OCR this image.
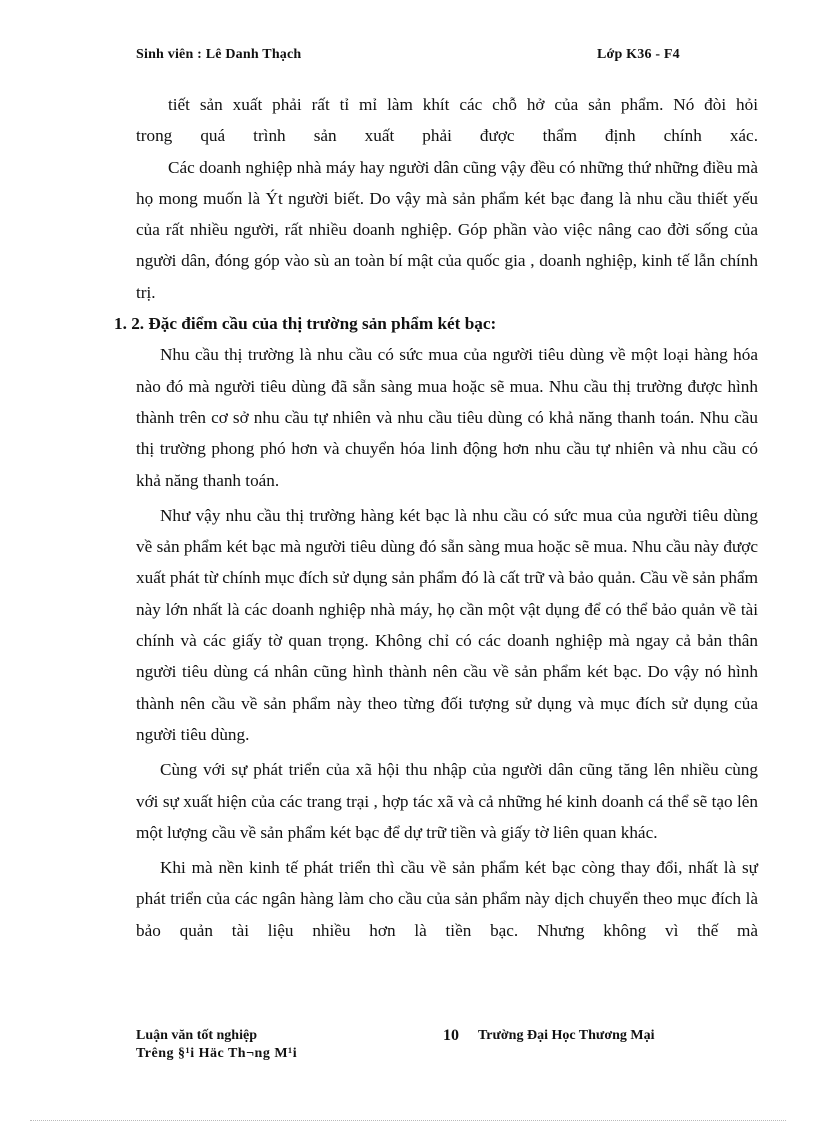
Sinh viên : Lê Danh Thạch	Lớp K36 - F4

tiết sản xuất phải rất tỉ mỉ làm khít các chỗ hở của sản phẩm. Nó đòi hỏi

trong quá trình sản xuất phải được thẩm định chính xác.

Các doanh nghiệp nhà máy hay người dân cũng vậy đều có những thứ những điều mà họ mong muốn là Ýt người biết. Do vậy mà sản phẩm két bạc đang là nhu cầu thiết yếu của rất nhiều người, rất nhiều doanh nghiệp. Góp phần vào việc nâng cao đời sống của người dân, đóng góp vào sù an toàn bí mật của quốc gia , doanh nghiệp, kinh tế lẫn chính trị.

1. 2. Đặc điểm cầu của thị trường sản phẩm két bạc:

Nhu cầu thị trường là nhu cầu có sức mua của người tiêu dùng về một loại hàng hóa nào đó mà người tiêu dùng đã sẵn sàng mua hoặc sẽ mua. Nhu cầu thị trường được hình thành trên cơ sở nhu cầu tự nhiên và nhu cầu tiêu dùng có khả năng thanh toán. Nhu cầu thị trường phong phó hơn và chuyển hóa linh động hơn nhu cầu tự nhiên và nhu cầu có khả năng thanh toán.

Như vậy nhu cầu thị trường hàng két bạc là nhu cầu có sức mua của người tiêu dùng về sản phẩm két bạc mà người tiêu dùng đó sẵn sàng mua hoặc sẽ mua. Nhu cầu này được xuất phát từ chính mục đích sử dụng sản phẩm đó là cất trữ và bảo quản. Cầu về sản phẩm này lớn nhất là các doanh nghiệp nhà máy, họ cần một vật dụng để có thể bảo quản về tài chính và các giấy tờ quan trọng. Không chỉ có các doanh nghiệp mà ngay cả bản thân người tiêu dùng cá nhân cũng hình thành nên cầu về sản phẩm két bạc. Do vậy nó hình thành nên cầu về sản phẩm này theo từng đối tượng sử dụng và mục đích sử dụng của người tiêu dùng.

Cùng với sự phát triển của xã hội thu nhập của người dân cũng tăng lên nhiều cùng với sự xuất hiện của các trang trại , hợp tác xã và cả những hé kinh doanh cá thể sẽ tạo lên một lượng cầu về sản phẩm két bạc để dự trữ tiền và giấy tờ liên quan khác.

Khi mà nền kinh tế phát triển thì cầu về sản phẩm két bạc còng thay đổi, nhất là sự phát triển của các ngân hàng làm cho cầu của sản phẩm này dịch chuyển theo mục đích là bảo quản tài liệu nhiều hơn là tiền bạc. Nhưng không vì thế mà

Luận văn tốt nghiệp	10 Trường Đại Học Thương Mại
Trêng §¹i Häc Th¬ng M¹i
